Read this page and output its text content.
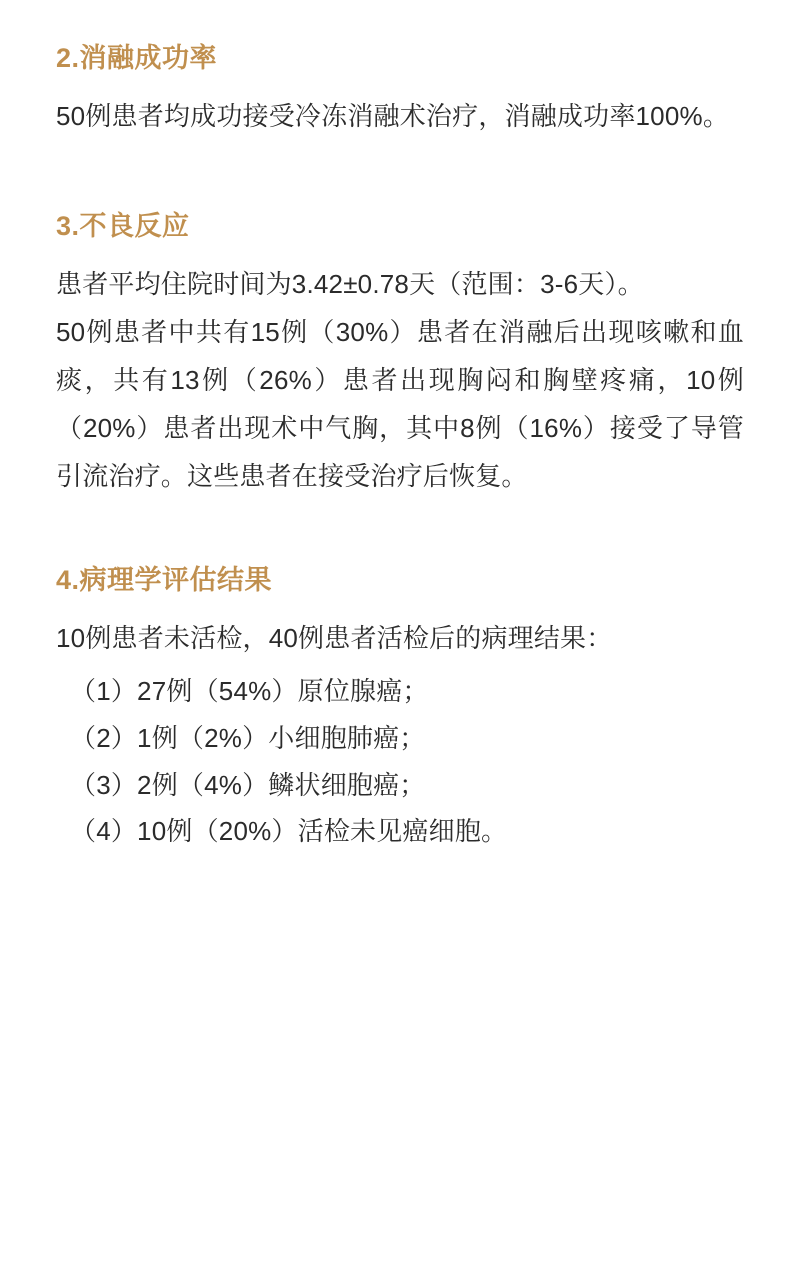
2.消融成功率

50例患者均成功接受冷冻消融术治疗，消融成功率100%。

3.不良反应

患者平均住院时间为3.42±0.78天（范围：3-6天）。

50例患者中共有15例（30%）患者在消融后出现咳嗽和血痰，共有13例（26%）患者出现胸闷和胸壁疼痛，10例（20%）患者出现术中气胸，其中8例（16%）接受了导管引流治疗。这些患者在接受治疗后恢复。

4.病理学评估结果

10例患者未活检，40例患者活检后的病理结果：

（1）27例（54%）原位腺癌；
（2）1例（2%）小细胞肺癌；
（3）2例（4%）鳞状细胞癌；
（4）10例（20%）活检未见癌细胞。
